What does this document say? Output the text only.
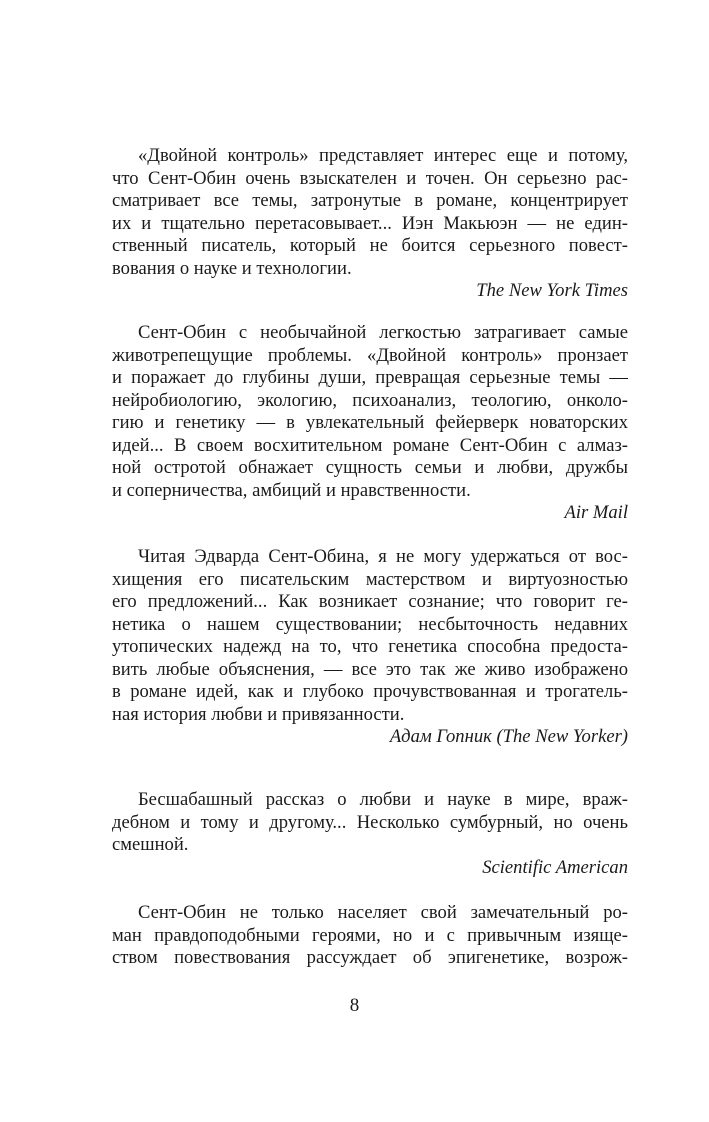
«Двойной контроль» представляет интерес еще и потому,
что Сент-Обин очень взыскателен и точен. Он серьезно рас-
сматривает все темы, затронутые в романе, концентрирует
их и тщательно перетасовывает... Иэн Макьюэн — не един-
ственный писатель, который не боится серьезного повест-
вования о науке и технологии.
The New York Times
Сент-Обин с необычайной легкостью затрагивает самые
животрепещущие проблемы. «Двойной контроль» пронзает
и поражает до глубины души, превращая серьезные темы —
нейробиологию, экологию, психоанализ, теологию, онколо-
гию и генетику — в увлекательный фейерверк новаторских
идей... В своем восхитительном романе Сент-Обин с алмаз-
ной остротой обнажает сущность семьи и любви, дружбы
и соперничества, амбиций и нравственности.
Air Mail
Читая Эдварда Сент-Обина, я не могу удержаться от вос-
хищения его писательским мастерством и виртуозностью
его предложений... Как возникает сознание; что говорит ге-
нетика о нашем существовании; несбыточность недавних
утопических надежд на то, что генетика способна предоста-
вить любые объяснения, — все это так же живо изображено
в романе идей, как и глубоко прочувствованная и трогатель-
ная история любви и привязанности.
Адам Гопник (The New Yorker)
Бесшабашный рассказ о любви и науке в мире, враж-
дебном и тому и другому... Несколько сумбурный, но очень
смешной.
Scientific American
Сент-Обин не только населяет свой замечательный ро-
ман правдоподобными героями, но и с привычным изяще-
ством повествования рассуждает об эпигенетике, возрож-
8
